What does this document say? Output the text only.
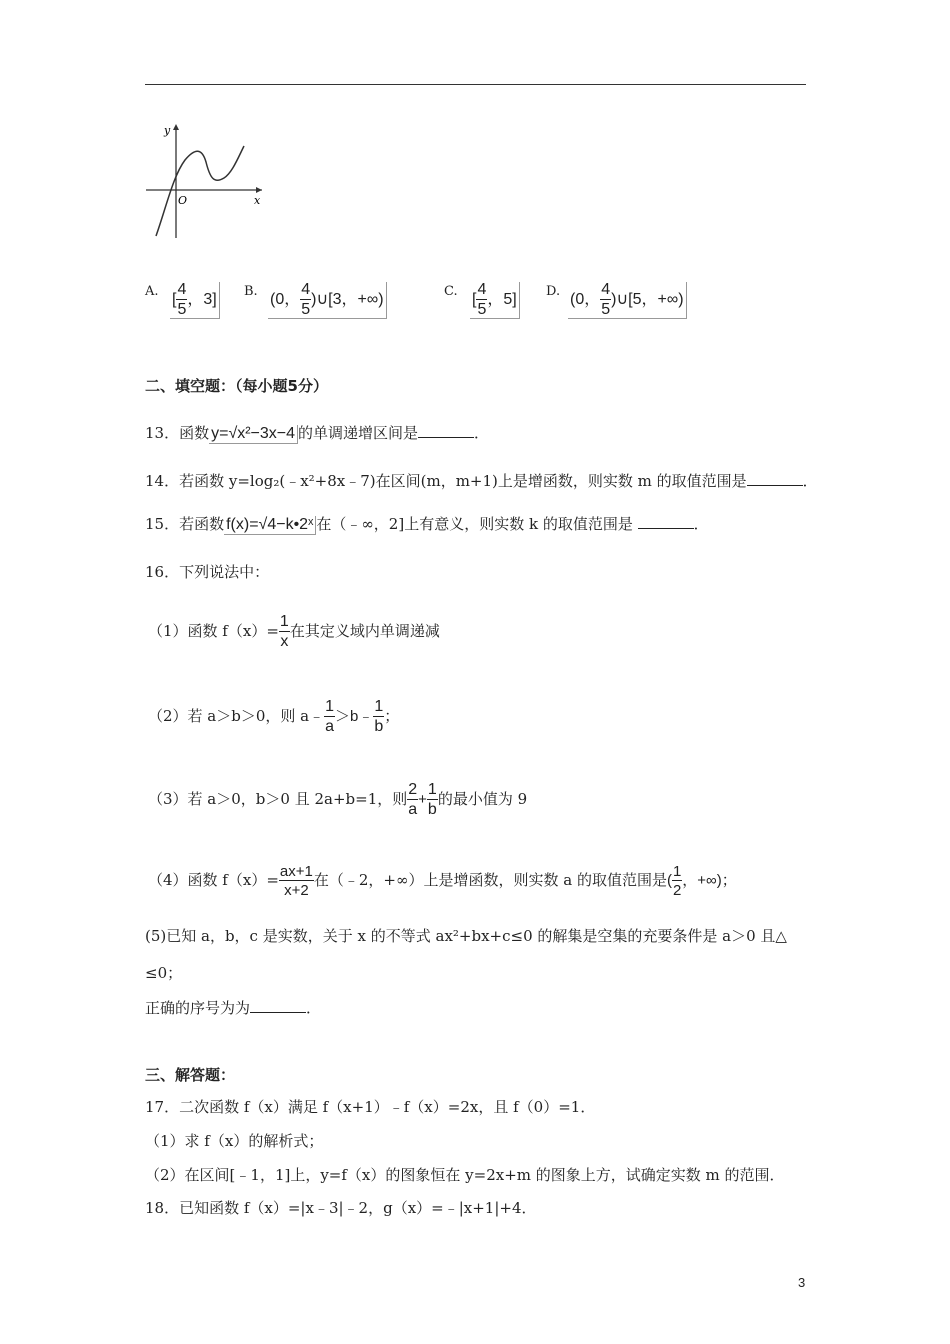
y
O	x
A. [ $\frac{4}{5}$ ，3] B. (0， $\frac{4}{5}$ )∪[3，+∞)	C. [ $\frac{4}{5}$ ，5] D. (0， $\frac{4}{5}$ )∪[5，+∞)
二、填空题：（每小题5分）
13．函数 y=√x²−3x−4 的单调递增区间是	．
14．若函数 y=log₂(﹣x²+8x﹣7)在区间(m，m+1)上是增函数，则实数 m 的取值范围是	．
15．若函数 f(x)=√4−k•2ˣ 在（﹣∞，2]上有意义，则实数 k 的取值范围是	．
16．下列说法中：
（1）函数 $f(x)= \frac{1}{x}$ 在其定义域内单调递减
（2）若 a＞b＞0，则 a﹣ $\frac{1}{a}$ ＞b﹣ $\frac{1}{b}$ ；
（3）若 a＞0，b＞0 且 2a+b=1，则 $\frac{2}{a} + \frac{1}{b}$ 的最小值为 9
（4）函数 $f(x)= \frac{ax+1}{x+2}$ 在（﹣2，+∞）上是增函数，则实数 a 的取值范围是( $\frac{1}{2}$ ，+∞)；
(5)已知 a，b，c 是实数，关于 x 的不等式 ax²+bx+c≤0 的解集是空集的充要条件是 a＞0 且△
≤0；
正确的序号为为	．
三、解答题：
17．二次函数 f（x）满足 f（x+1）﹣f（x）=2x，且 f（0）=1．
（1）求 f（x）的解析式；
（2）在区间[﹣1，1]上，y=f（x）的图象恒在 y=2x+m 的图象上方，试确定实数 m 的范围．
18．已知函数 f（x）=|x﹣3|﹣2，g（x）=﹣|x+1|+4．
3
